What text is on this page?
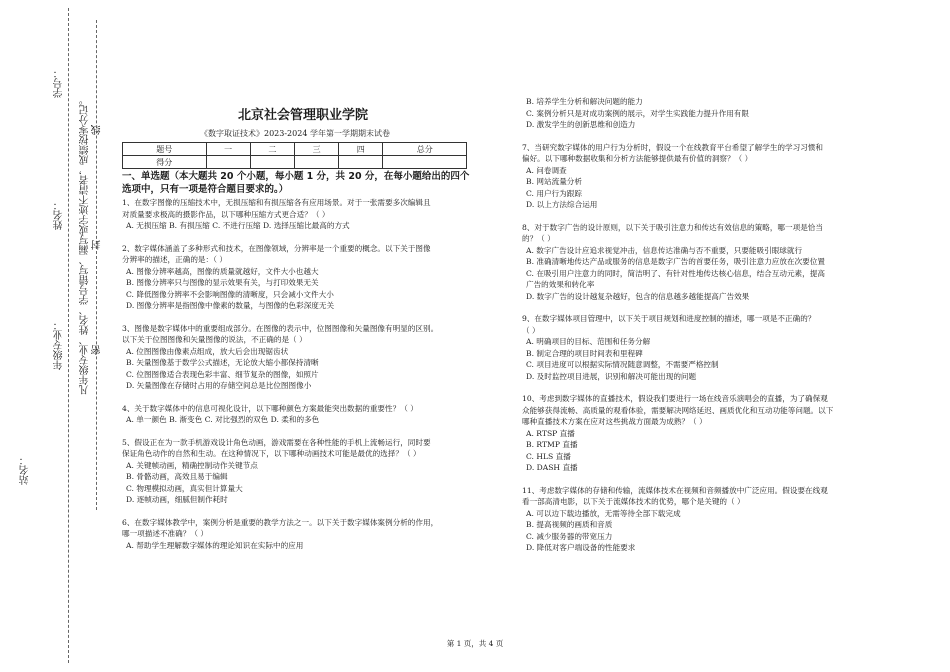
学号：
姓名：
年级专业：
站名：
凡年级专业、姓名、学号错写、漏写或字迹不清者，成绩按零分记。 密
封
线
北京社会管理职业学院
《数字取证技术》2023-2024 学年第一学期期末试卷
题号	一	二	三	四	总分
得分					
一、单选题（本大题共 20 个小题，每小题 1 分，共 20 分，在每小题给出的四个
选项中，只有一项是符合题目要求的。）

1、在数字图像的压缩技术中，无损压缩和有损压缩各有应用场景。对于一张需要多次编辑且

对质量要求极高的摄影作品，以下哪种压缩方式更合适？（ ）

A. 无损压缩 B. 有损压缩 C. 不进行压缩 D. 选择压缩比最高的方式

2、数字媒体涵盖了多种形式和技术，在图像领域，分辨率是一个重要的概念。以下关于图像

分辨率的描述，正确的是：（ ）

A. 图像分辨率越高，图像的质量就越好，文件大小也越大

B. 图像分辨率只与图像的显示效果有关，与打印效果无关

C. 降低图像分辨率不会影响图像的清晰度，只会减小文件大小

D. 图像分辨率是指图像中像素的数量，与图像的色彩深度无关

3、图像是数字媒体中的重要组成部分。在图像的表示中，位图图像和矢量图像有明显的区别。

以下关于位图图像和矢量图像的说法，不正确的是（ ）

A. 位图图像由像素点组成，放大后会出现锯齿状

B. 矢量图像基于数学公式描述，无论放大缩小都保持清晰

C. 位图图像适合表现色彩丰富、细节复杂的图像，如照片

D. 矢量图像在存储时占用的存储空间总是比位图图像小

4、关于数字媒体中的信息可视化设计，以下哪种颜色方案最能突出数据的重要性？（ ）

A. 单一颜色 B. 渐变色 C. 对比强烈的双色 D. 柔和的多色

5、假设正在为一款手机游戏设计角色动画，游戏需要在各种性能的手机上流畅运行，同时要

保证角色动作的自然和生动。在这种情况下，以下哪种动画技术可能是最优的选择？（ ）

A. 关键帧动画，精确控制动作关键节点

B. 骨骼动画，高效且易于编辑

C. 物理模拟动画，真实但计算量大

D. 逐帧动画，细腻但制作耗时

6、在数字媒体教学中，案例分析是重要的教学方法之一。以下关于数字媒体案例分析的作用，

哪一项描述不准确？（ ）

A. 帮助学生理解数字媒体的理论知识在实际中的应用

B. 培养学生分析和解决问题的能力

C. 案例分析只是对成功案例的展示，对学生实践能力提升作用有限

D. 激发学生的创新思维和创造力

7、当研究数字媒体的用户行为分析时，假设一个在线教育平台希望了解学生的学习习惯和

偏好。以下哪种数据收集和分析方法能够提供最有价值的洞察？（ ）

A. 问卷调查

B. 网站流量分析

C. 用户行为跟踪

D. 以上方法综合运用

8、对于数字广告的设计原则，以下关于吸引注意力和传达有效信息的策略，哪一项是恰当

的？（ ）

A. 数字广告设计应追求视觉冲击，信息传达准确与否不重要，只要能吸引眼球就行

B. 准确清晰地传达产品或服务的信息是数字广告的首要任务，吸引注意力应放在次要位置

C. 在吸引用户注意力的同时，简洁明了、有针对性地传达核心信息，结合互动元素，提高

广告的效果和转化率

D. 数字广告的设计越复杂越好，包含的信息越多越能提高广告效果

9、在数字媒体项目管理中，以下关于项目规划和进度控制的描述，哪一项是不正确的？

（ ）

A. 明确项目的目标、范围和任务分解

B. 制定合理的项目时间表和里程碑

C. 项目进度可以根据实际情况随意调整，不需要严格控制

D. 及时监控项目进展，识别和解决可能出现的问题

10、考虑到数字媒体的直播技术，假设我们要进行一场在线音乐演唱会的直播，为了确保观

众能够获得流畅、高质量的观看体验，需要解决网络延迟、画质优化和互动功能等问题。以下

哪种直播技术方案在应对这些挑战方面最为成熟？（ ）

A. RTSP 直播

B. RTMP 直播

C. HLS 直播

D. DASH 直播

11、考虑数字媒体的存储和传输，流媒体技术在视频和音频播放中广泛应用。假设要在线观

看一部高清电影，以下关于流媒体技术的优势，哪个是关键的（ ）

A. 可以边下载边播放，无需等待全部下载完成

B. 提高视频的画质和音质

C. 减少服务器的带宽压力

D. 降低对客户端设备的性能要求

第 1 页，共 4 页
